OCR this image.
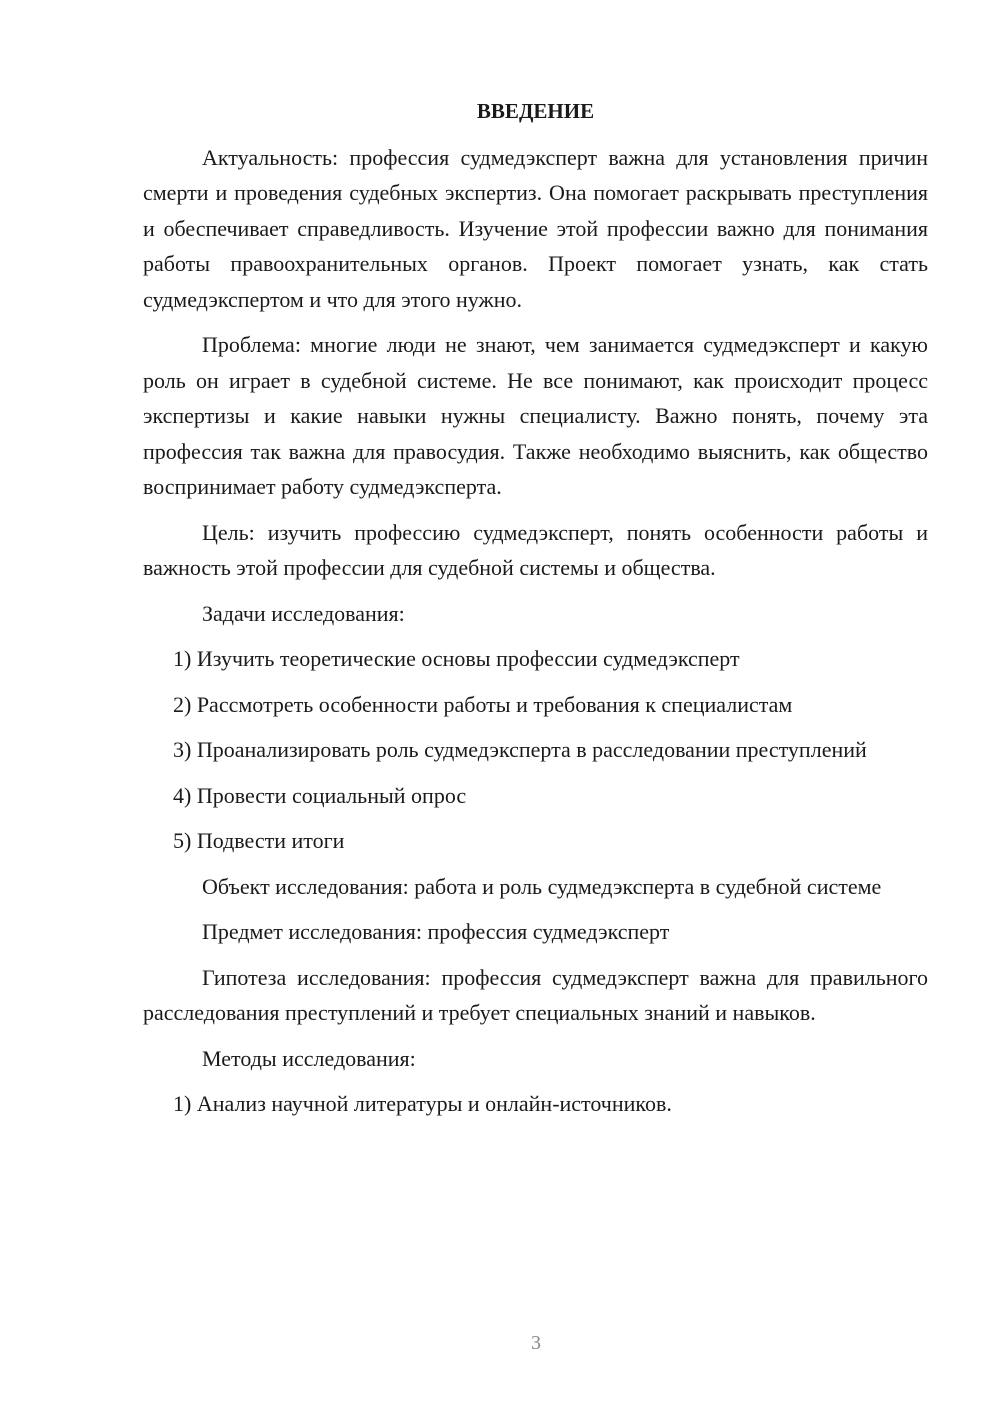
ВВЕДЕНИЕ
Актуальность: профессия судмедэксперт важна для установления причин смерти и проведения судебных экспертиз. Она помогает раскрывать преступления и обеспечивает справедливость. Изучение этой профессии важно для понимания работы правоохранительных органов. Проект помогает узнать, как стать судмедэкспертом и что для этого нужно.
Проблема: многие люди не знают, чем занимается судмедэксперт и какую роль он играет в судебной системе. Не все понимают, как происходит процесс экспертизы и какие навыки нужны специалисту. Важно понять, почему эта профессия так важна для правосудия. Также необходимо выяснить, как общество воспринимает работу судмедэксперта.
Цель: изучить профессию судмедэксперт, понять особенности работы и важность этой профессии для судебной системы и общества.
Задачи исследования:
1) Изучить теоретические основы профессии судмедэксперт
2) Рассмотреть особенности работы и требования к специалистам
3) Проанализировать роль судмедэксперта в расследовании преступлений
4) Провести социальный опрос
5) Подвести итоги
Объект исследования: работа и роль судмедэксперта в судебной системе
Предмет исследования: профессия судмедэксперт
Гипотеза исследования: профессия судмедэксперт важна для правильного расследования преступлений и требует специальных знаний и навыков.
Методы исследования:
1) Анализ научной литературы и онлайн-источников.
3
